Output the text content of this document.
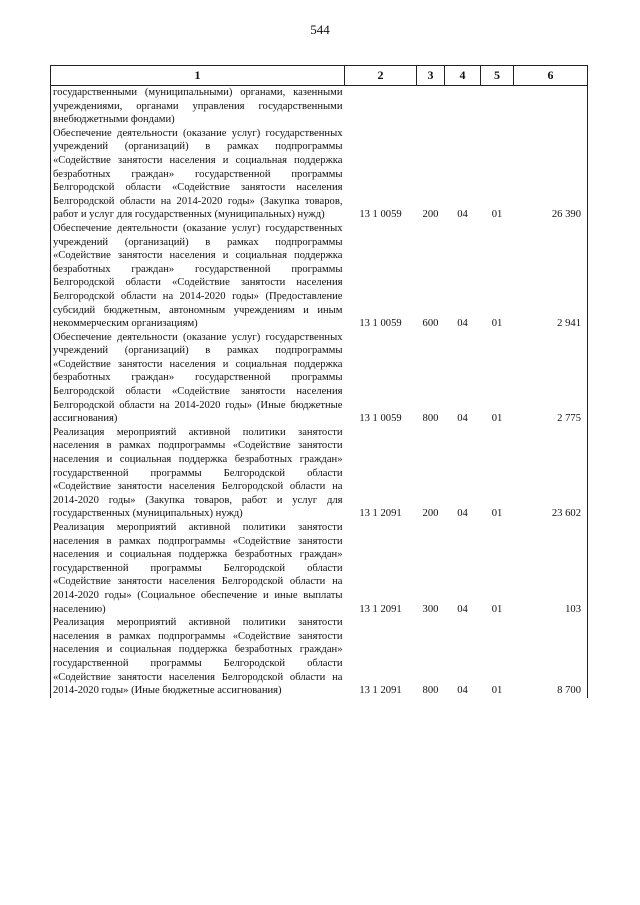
544
1	2	3	4	5	6
государственными (муниципальными) органами, казенными учреждениями, органами управления государственными внебюджетными фондами)					
Обеспечение деятельности (оказание услуг) государственных учреждений (организаций) в рамках подпрограммы «Содействие занятости населения и социальная поддержка безработных граждан» государственной программы Белгородской области «Содействие занятости населения Белгородской области на 2014-2020 годы» (Закупка товаров, работ и услуг для государственных (муниципальных) нужд)	13 1 0059	200	04	01	26 390
Обеспечение деятельности (оказание услуг) государственных учреждений (организаций) в рамках подпрограммы «Содействие занятости населения и социальная поддержка безработных граждан» государственной программы Белгородской области «Содействие занятости населения Белгородской области на 2014-2020 годы» (Предоставление субсидий бюджетным, автономным учреждениям и иным некоммерческим организациям)	13 1 0059	600	04	01	2 941
Обеспечение деятельности (оказание услуг) государственных учреждений (организаций) в рамках подпрограммы «Содействие занятости населения и социальная поддержка безработных граждан» государственной программы Белгородской области «Содействие занятости населения Белгородской области на 2014-2020 годы» (Иные бюджетные ассигнования)	13 1 0059	800	04	01	2 775
Реализация мероприятий активной политики занятости населения в рамках подпрограммы «Содействие занятости населения и социальная поддержка безработных граждан» государственной программы Белгородской области «Содействие занятости населения Белгородской области на 2014-2020 годы» (Закупка товаров, работ и услуг для государственных (муниципальных) нужд)	13 1 2091	200	04	01	23 602
Реализация мероприятий активной политики занятости населения в рамках подпрограммы «Содействие занятости населения и социальная поддержка безработных граждан» государственной программы Белгородской области «Содействие занятости населения Белгородской области на 2014-2020 годы» (Социальное обеспечение и иные выплаты населению)	13 1 2091	300	04	01	103
Реализация мероприятий активной политики занятости населения в рамках подпрограммы «Содействие занятости населения и социальная поддержка безработных граждан» государственной программы Белгородской области «Содействие занятости населения Белгородской области на 2014-2020 годы» (Иные бюджетные ассигнования)	13 1 2091	800	04	01	8 700
